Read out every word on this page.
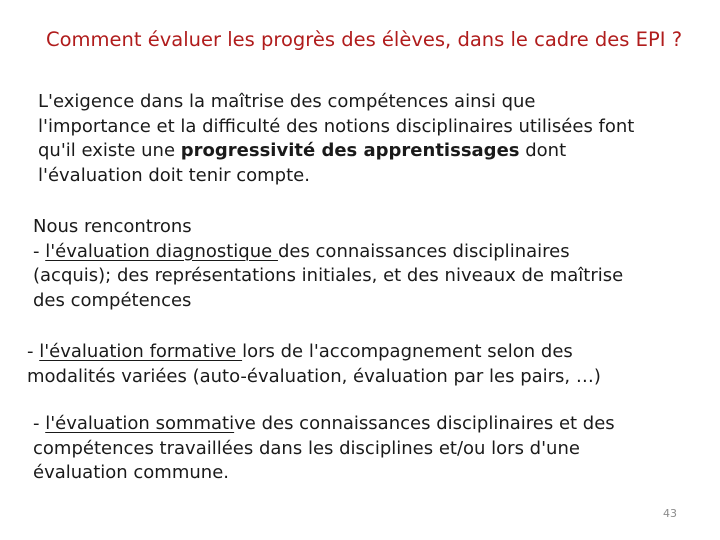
Comment évaluer les progrès des élèves, dans le cadre des EPI ?
L'exigence dans la maîtrise des compétences ainsi que
l'importance et la difficulté des notions disciplinaires utilisées font
qu'il existe une progressivité des apprentissages dont
l'évaluation doit tenir compte.
Nous rencontrons
- l'évaluation diagnostique des connaissances disciplinaires
(acquis); des représentations initiales, et des niveaux de maîtrise
des compétences
- l'évaluation formative lors de l'accompagnement selon des
modalités variées (auto-évaluation, évaluation par les pairs, …)
- l'évaluation sommative des connaissances disciplinaires et des
compétences travaillées dans les disciplines et/ou lors d'une
évaluation commune.
43
